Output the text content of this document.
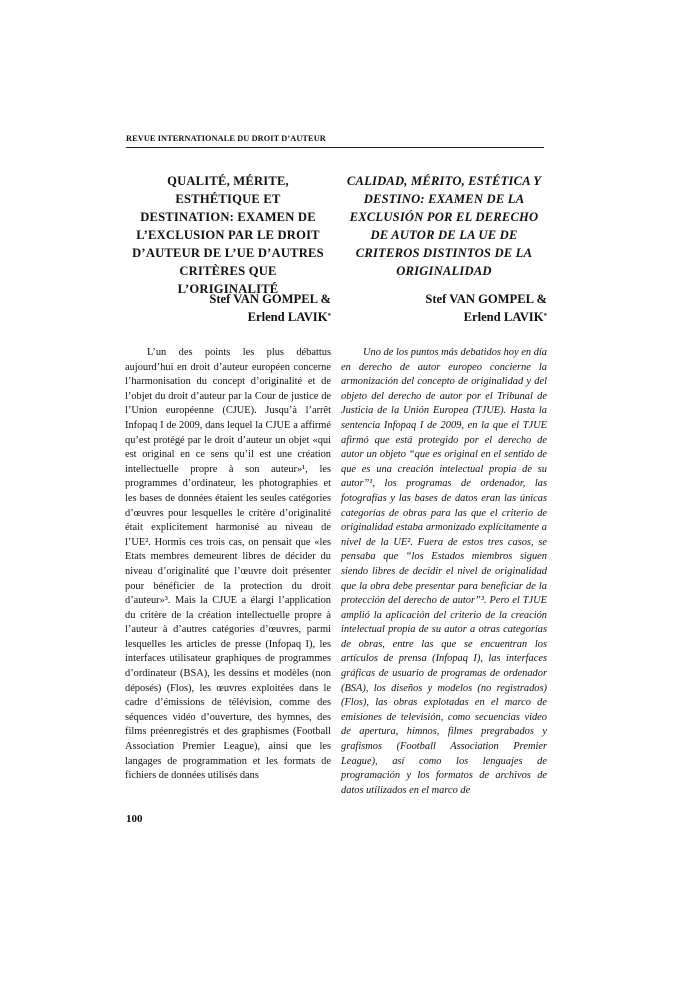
REVUE INTERNATIONALE DU DROIT D’AUTEUR
QUALITÉ, MÉRITE, ESTHÉTIQUE ET DESTINATION: EXAMEN DE L’EXCLUSION PAR LE DROIT D’AUTEUR DE L’UE D’AUTRES CRITÈRES QUE L’ORIGINALITÉ

Stef VAN GOMPEL &
Erlend LAVIK*

L’un des points les plus débattus aujourd’hui en droit d’auteur européen concerne l’harmonisation du concept d’originalité et de l’objet du droit d’auteur par la Cour de justice de l’Union européenne (CJUE). Jusqu’à l’arrêt Infopaq I de 2009, dans lequel la CJUE a affirmé qu’est protégé par le droit d’auteur un objet «qui est original en ce sens qu’il est une création intellectuelle propre à son auteur»¹, les programmes d’ordinateur, les photographies et les bases de données étaient les seules catégories d’œuvres pour lesquelles le critère d’originalité était explicitement harmonisé au niveau de l’UE². Hormis ces trois cas, on pensait que «les Etats membres demeurent libres de décider du niveau d’originalité que l’œuvre doit présenter pour bénéficier de la protection du droit d’auteur»³. Mais la CJUE a élargi l’application du critère de la création intellectuelle propre à l’auteur à d’autres catégories d’œuvres, parmi lesquelles les articles de presse (Infopaq I), les interfaces utilisateur graphiques de programmes d’ordinateur (BSA), les dessins et modèles (non déposés) (Flos), les œuvres exploitées dans le cadre d’émissions de télévision, comme des séquences vidéo d’ouverture, des hymnes, des films préenregistrés et des graphismes (Football Association Premier League), ainsi que les langages de programmation et les formats de fichiers de données utilisés dans

CALIDAD, MÉRITO, ESTÉTICA Y DESTINO: EXAMEN DE LA EXCLUSIÓN POR EL DERECHO DE AUTOR DE LA UE DE CRITEROS DISTINTOS DE LA ORIGINALIDAD

Stef VAN GOMPEL &
Erlend LAVIK*

Uno de los puntos más debatidos hoy en día en derecho de autor europeo concierne la armonización del concepto de originalidad y del objeto del derecho de autor por el Tribunal de Justicia de la Unión Europea (TJUE). Hasta la sentencia Infopaq I de 2009, en la que el TJUE afirmó que está protegido por el derecho de autor un objeto “que es original en el sentido de que es una creación intelectual propia de su autor”¹, los programas de ordenador, las fotografías y las bases de datos eran las únicas categorías de obras para las que el criterio de originalidad estaba armonizado explícitamente a nivel de la UE². Fuera de estos tres casos, se pensaba que “los Estados miembros siguen siendo libres de decidir el nivel de originalidad que la obra debe presentar para beneficiar de la protección del derecho de autor”³. Pero el TJUE amplió la aplicación del criterio de la creación intelectual propia de su autor a otras categorías de obras, entre las que se encuentran los artículos de prensa (Infopaq I), las interfaces gráficas de usuario de programas de ordenador (BSA), los diseños y modelos (no registrados) (Flos), las obras explotadas en el marco de emisiones de televisión, como secuencias video de apertura, himnos, filmes pregrabados y grafismos (Football Association Premier League), así como los lenguajes de programación y los formatos de archivos de datos utilizados en el marco de

100
